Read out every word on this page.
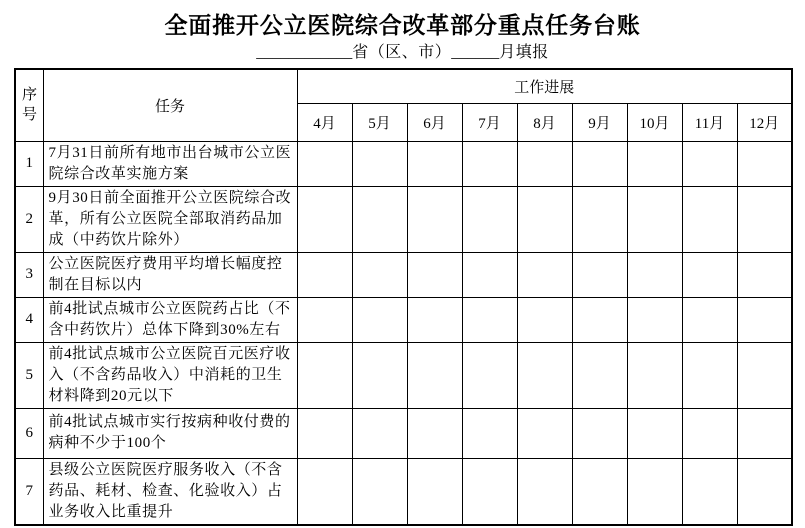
全面推开公立医院综合改革部分重点任务台账
____________省（区、市）______月填报
序号	任务	工作进展								
		4月	5月	6月	7月	8月	9月	10月	11月	12月
1	7月31日前所有地市出台城市公立医院综合改革实施方案									
2	9月30日前全面推开公立医院综合改革，所有公立医院全部取消药品加成（中药饮片除外）									
3	公立医院医疗费用平均增长幅度控制在目标以内									
4	前4批试点城市公立医院药占比（不含中药饮片）总体下降到30%左右									
5	前4批试点城市公立医院百元医疗收入（不含药品收入）中消耗的卫生材料降到20元以下									
6	前4批试点城市实行按病种收付费的病种不少于100个									
7	县级公立医院医疗服务收入（不含药品、耗材、检查、化验收入）占业务收入比重提升									
